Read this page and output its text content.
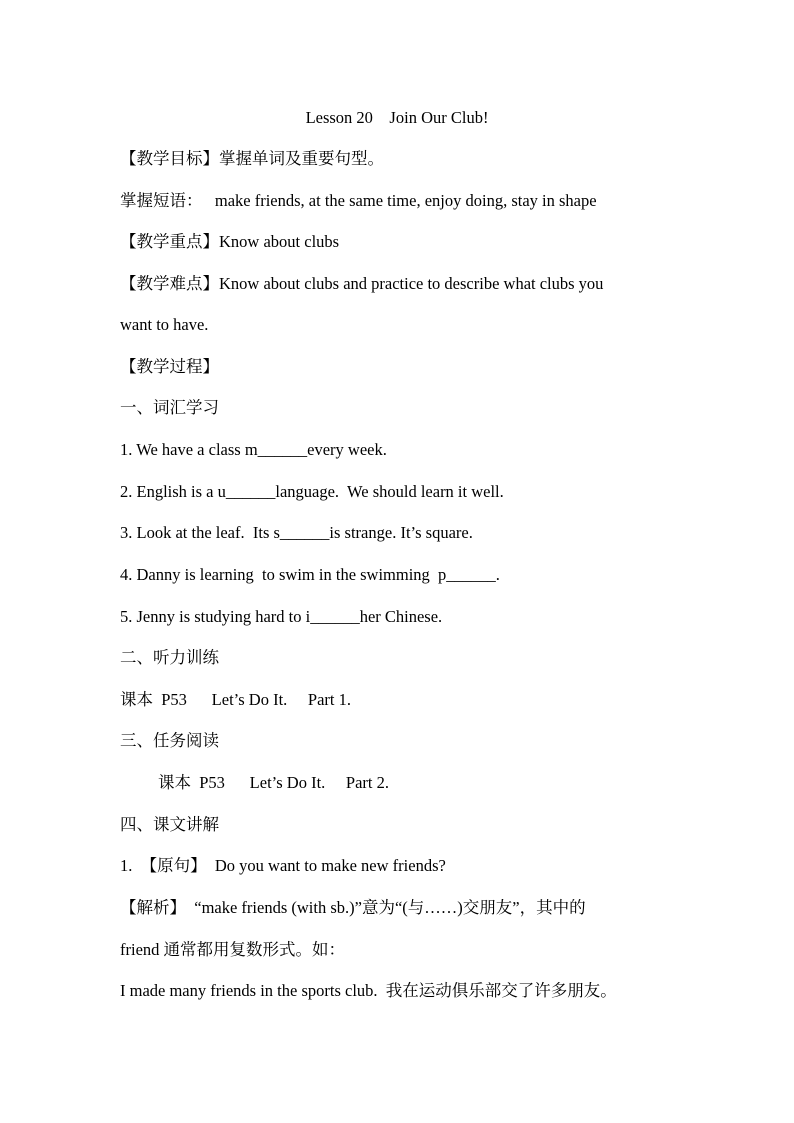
Lesson 20    Join Our Club!
【教学目标】掌握单词及重要句型。
掌握短语：   make friends, at the same time, enjoy doing, stay in shape
【教学重点】Know about clubs
【教学难点】Know about clubs and practice to describe what clubs you
want to have.
【教学过程】
一、词汇学习
1. We have a class m______every week.
2. English is a u______language.  We should learn it well.
3. Look at the leaf.  Its s______is strange. It’s square.
4. Danny is learning  to swim in the swimming  p______.
5. Jenny is studying hard to i______her Chinese.
二、听力训练
课本  P53      Let’s Do It.     Part 1.
三、任务阅读
课本  P53      Let’s Do It.     Part 2.
四、课文讲解
1.  【原句】  Do you want to make new friends?
【解析】  “make friends (with sb.)”意为“(与……)交朋友”，其中的
friend 通常都用复数形式。如：
I made many friends in the sports club.  我在运动俱乐部交了许多朋友。
